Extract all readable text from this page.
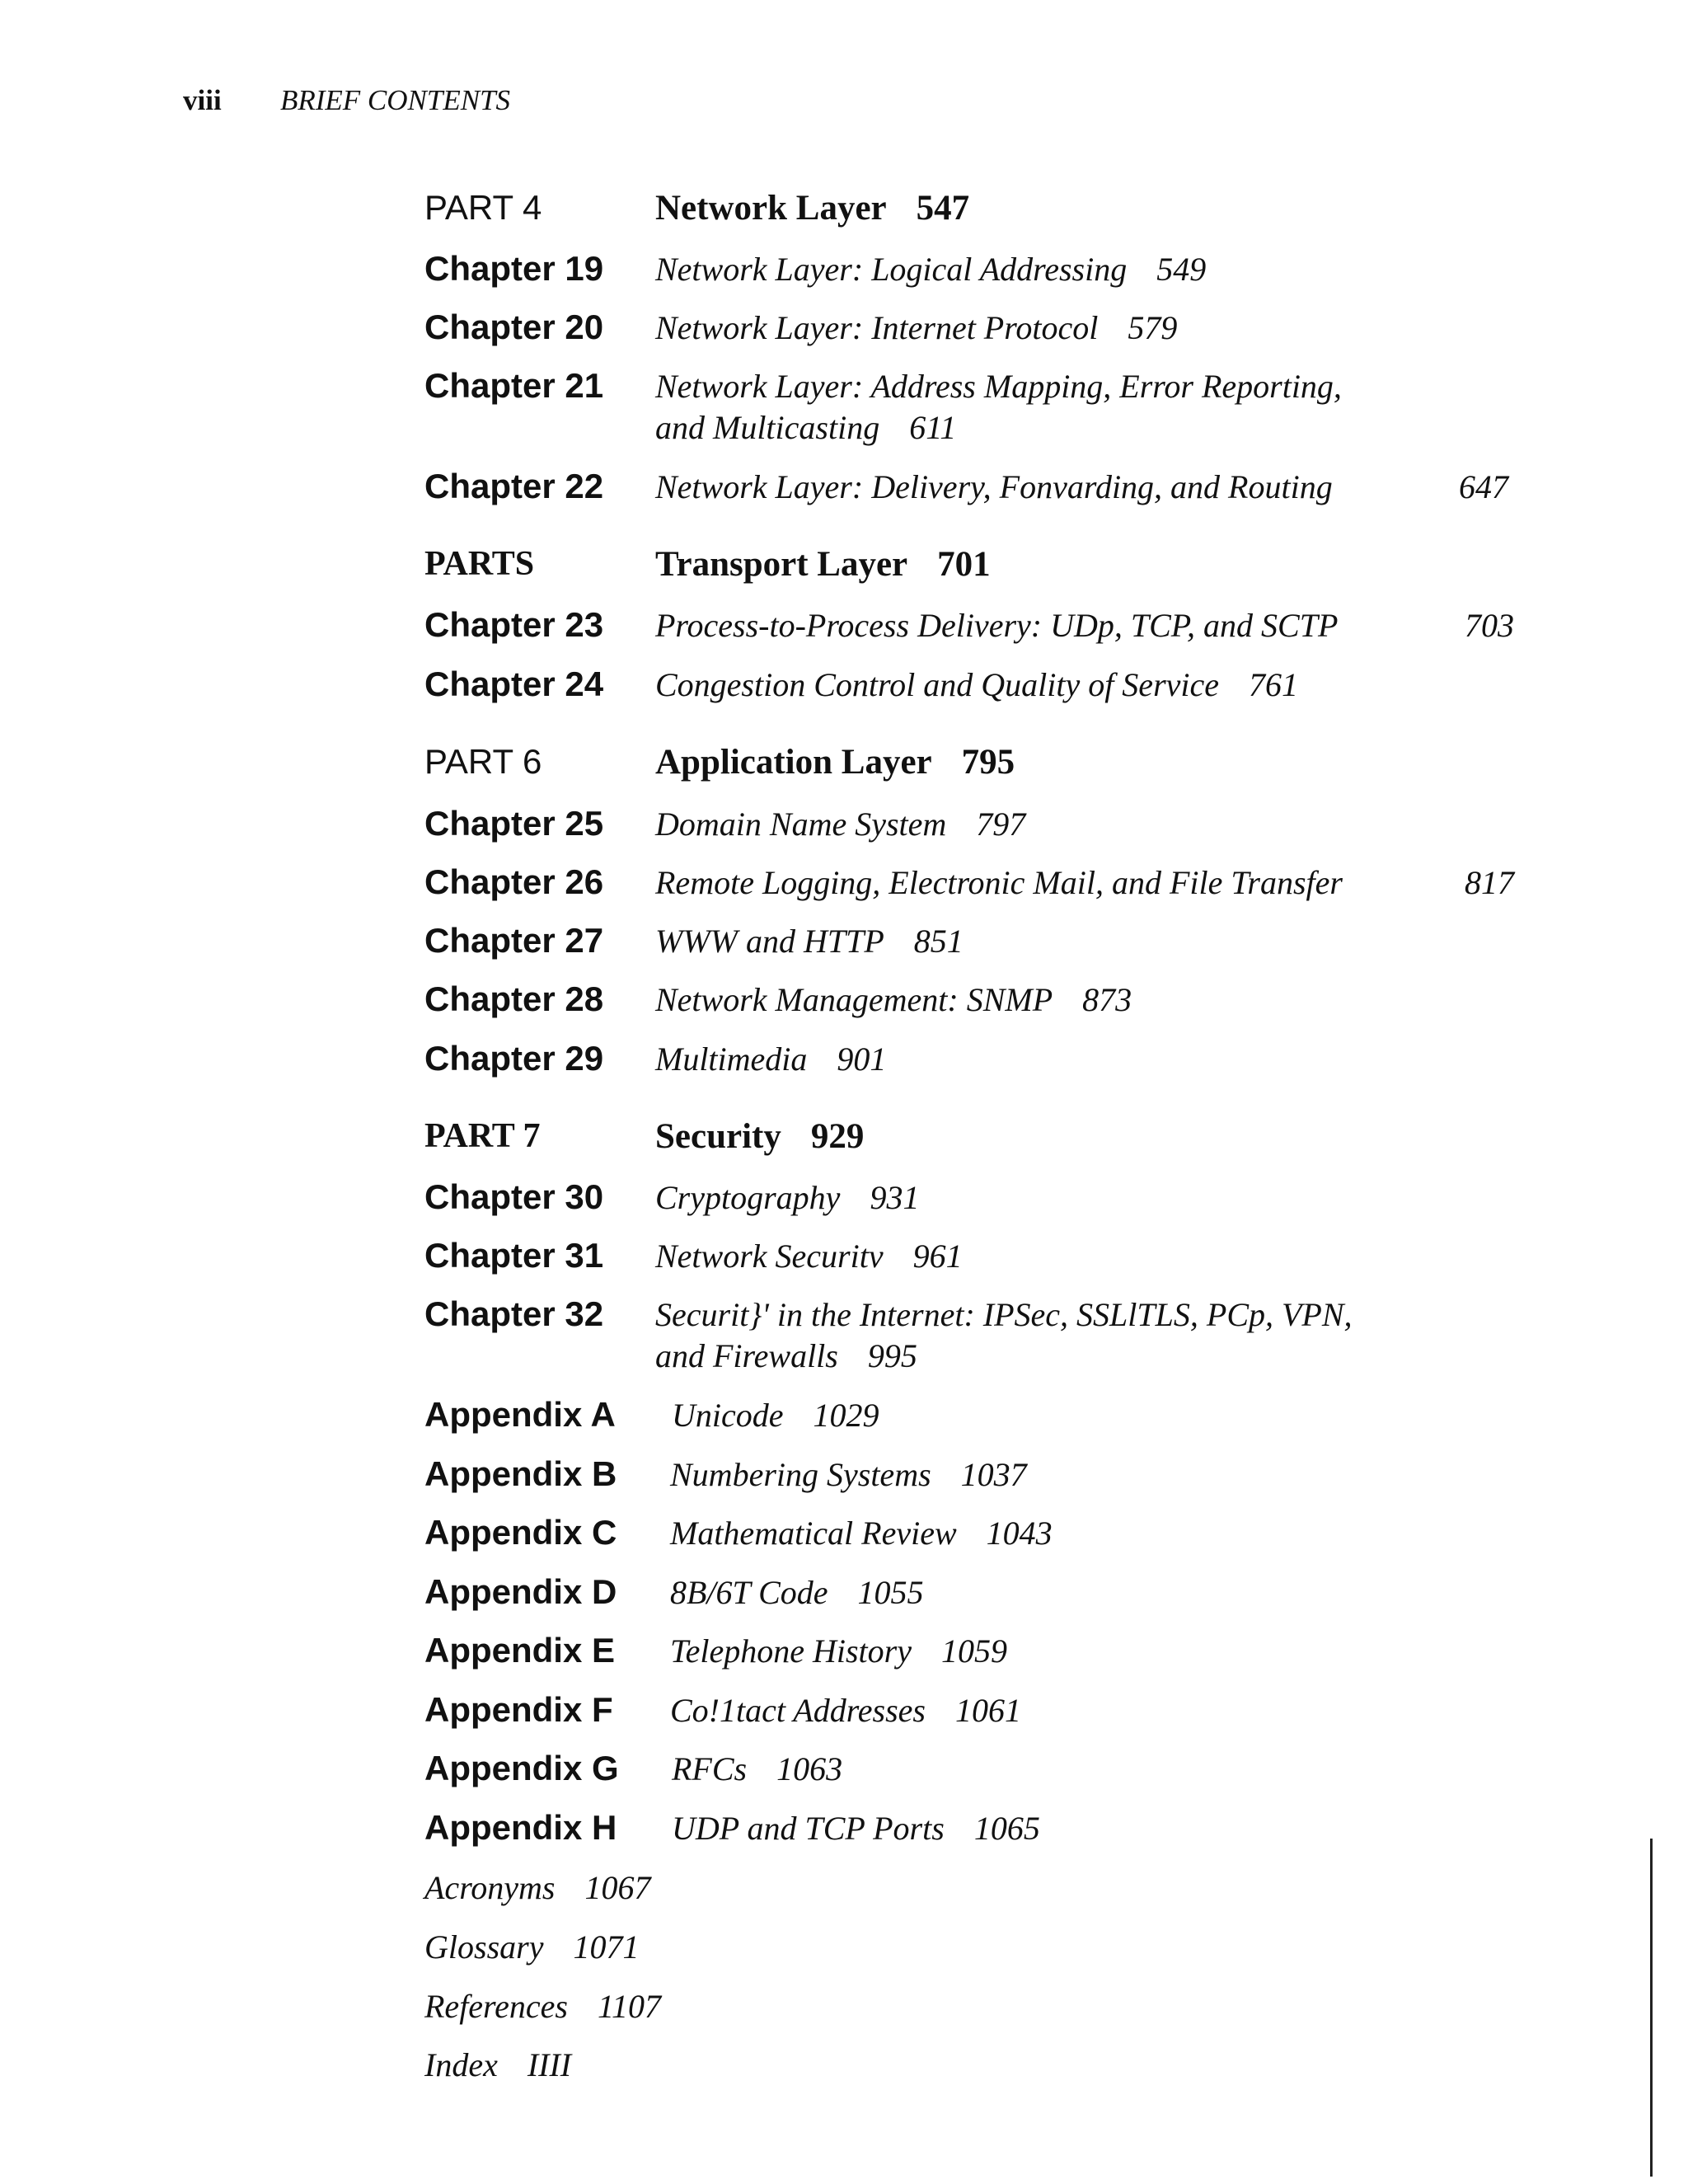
viii BRIEF CONTENTS
PART 4	Network Layer 547
Chapter 19 Network Layer: Logical Addressing 549
Chapter 20 Network Layer: Internet Protocol 579
Chapter 21 Network Layer: Address Mapping, Error Reporting,
and Multicasting 611
Chapter 22 Network Layer: Delivery, Fonvarding, and Routing	647
PARTS	Transport Layer 701
Chapter 23 Process-to-Process Delivery: UDp, TCP, and SCTP	703
Chapter 24 Congestion Control and Quality of Service 761
PART 6	Application Layer 795
Chapter 25 Domain Name System 797
Chapter 26 Remote Logging, Electronic Mail, and File Transfer	817
Chapter 27 WWW and HTTP 851
Chapter 28 Network Management: SNMP 873
Chapter 29 Multimedia 901
PART 7	Security 929
Chapter 30 Cryptography 931
Chapter 31 Network Securitv 961
Chapter 32 Securit}' in the Internet: IPSec, SSLlTLS, PCp, VPN,
and Firewalls 995
Appendix A Unicode 1029
Appendix B Numbering Systems 1037
Appendix C Mathematical Review 1043
Appendix D 8B/6T Code 1055
Appendix E Telephone History 1059
Appendix F Co!1tact Addresses 1061
Appendix G RFCs 1063
Appendix H UDP and TCP Ports 1065
Acronyms 1067
Glossary 1071
References 1107
Index IIII
